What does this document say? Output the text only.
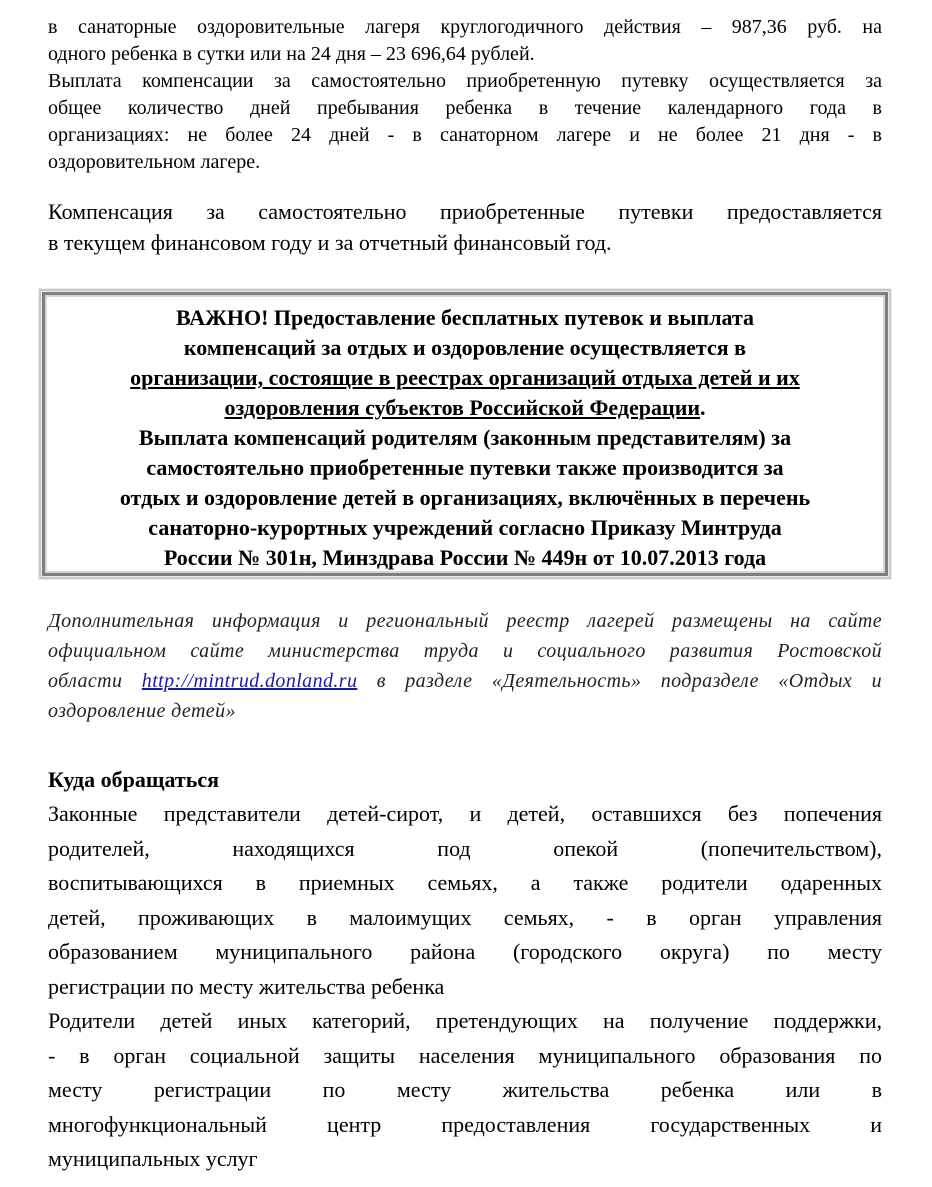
в санаторные оздоровительные лагеря круглогодичного действия – 987,36 руб. на
одного ребенка в сутки или на 24 дня – 23 696,64 рублей.
Выплата компенсации за самостоятельно приобретенную путевку осуществляется за
общее количество дней пребывания ребенка в течение календарного года в
организациях: не более 24 дней - в санаторном лагере и не более 21 дня - в
оздоровительном лагере.

Компенсация за самостоятельно приобретенные путевки предоставляется
в текущем финансовом году и за отчетный финансовый год.

ВАЖНО! Предоставление бесплатных путевок и выплата
компенсаций за отдых и оздоровление осуществляется в
организации, состоящие в реестрах организаций отдыха детей и их
оздоровления субъектов Российской Федерации.
Выплата компенсаций родителям (законным представителям) за
самостоятельно приобретенные путевки также производится за
отдых и оздоровление детей в организациях, включённых в перечень
санаторно-курортных учреждений согласно Приказу Минтруда
России № 301н, Минздрава России № 449н от 10.07.2013 года
Дополнительная информация и региональный реестр лагерей размещены на сайте
официальном сайте министерства труда и социального развития Ростовской
области http://mintrud.donland.ru в разделе «Деятельность» подразделе «Отдых и
оздоровление детей»
Куда обращаться
Законные представители детей-сирот, и детей, оставшихся без попечения
родителей, находящихся под опекой (попечительством),
воспитывающихся в приемных семьях, а также родители одаренных
детей, проживающих в малоимущих семьях, - в орган управления
образованием муниципального района (городского округа) по месту
регистрации по месту жительства ребенка
Родители детей иных категорий, претендующих на получение поддержки,
- в орган социальной защиты населения муниципального образования по
месту регистрации по месту жительства ребенка или в
многофункциональный центр предоставления государственных и
муниципальных услуг
